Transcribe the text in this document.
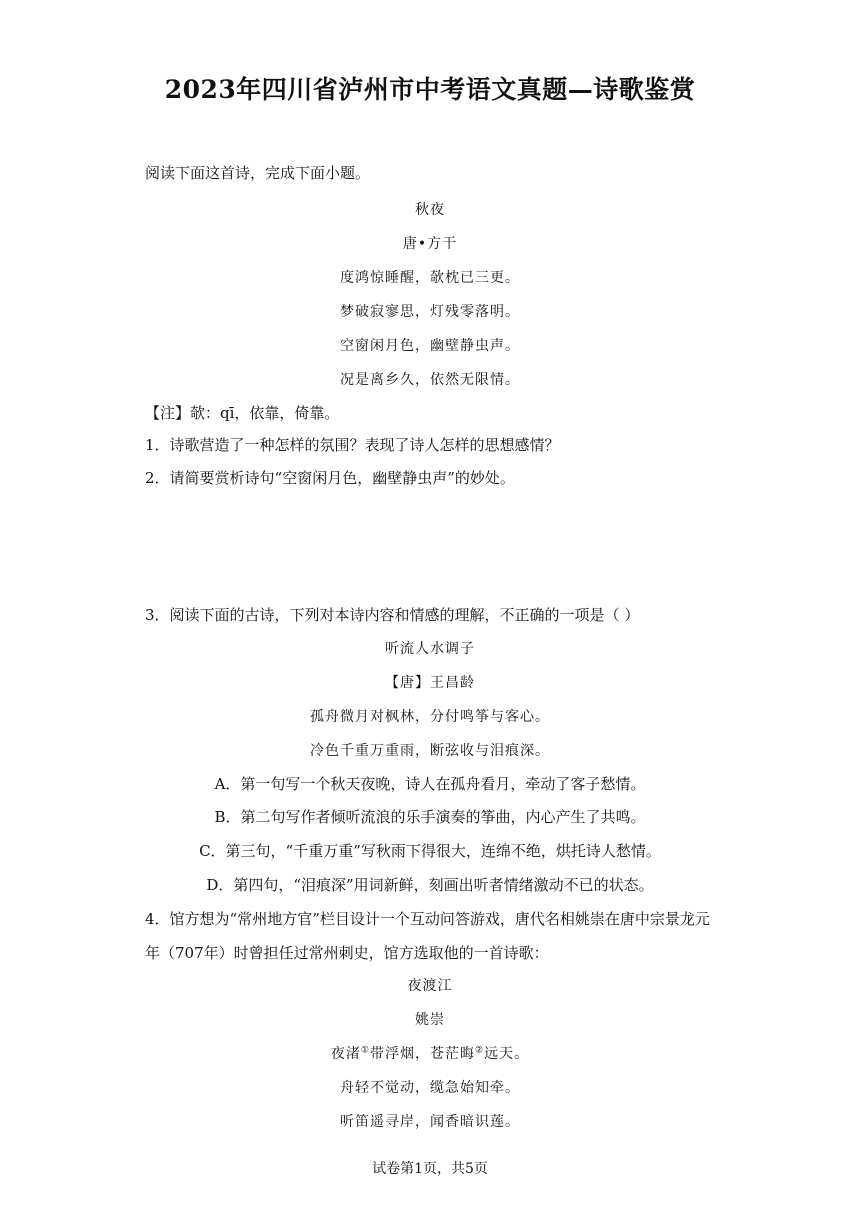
2023年四川省泸州市中考语文真题—诗歌鉴赏
阅读下面这首诗，完成下面小题。
秋夜
唐•方干
度鸿惊睡醒，欹枕已三更。
梦破寂寥思，灯残零落明。
空窗闲月色，幽壁静虫声。
况是离乡久，依然无限情。
【注】欹：qī，依靠，倚靠。
1．诗歌营造了一种怎样的氛围？表现了诗人怎样的思想感情？
2．请简要赏析诗句“空窗闲月色，幽壁静虫声”的妙处。
3．阅读下面的古诗，下列对本诗内容和情感的理解，不正确的一项是（ ）
听流人水调子
【唐】王昌龄
孤舟微月对枫林，分付鸣筝与客心。
冷色千重万重雨，断弦收与泪痕深。
A．第一句写一个秋天夜晚，诗人在孤舟看月，牵动了客子愁情。
B．第二句写作者倾听流浪的乐手演奏的筝曲，内心产生了共鸣。
C．第三句，“千重万重”写秋雨下得很大，连绵不绝，烘托诗人愁情。
D．第四句，“泪痕深”用词新鲜，刻画出听者情绪激动不已的状态。
4．馆方想为“常州地方官”栏目设计一个互动问答游戏，唐代名相姚崇在唐中宗景龙元
年（707年）时曾担任过常州刺史，馆方选取他的一首诗歌：
夜渡江
姚崇
夜渚①带浮烟，苍茫晦②远天。
舟轻不觉动，缆急始知牵。
听笛遥寻岸，闻香暗识莲。
试卷第1页，共5页
